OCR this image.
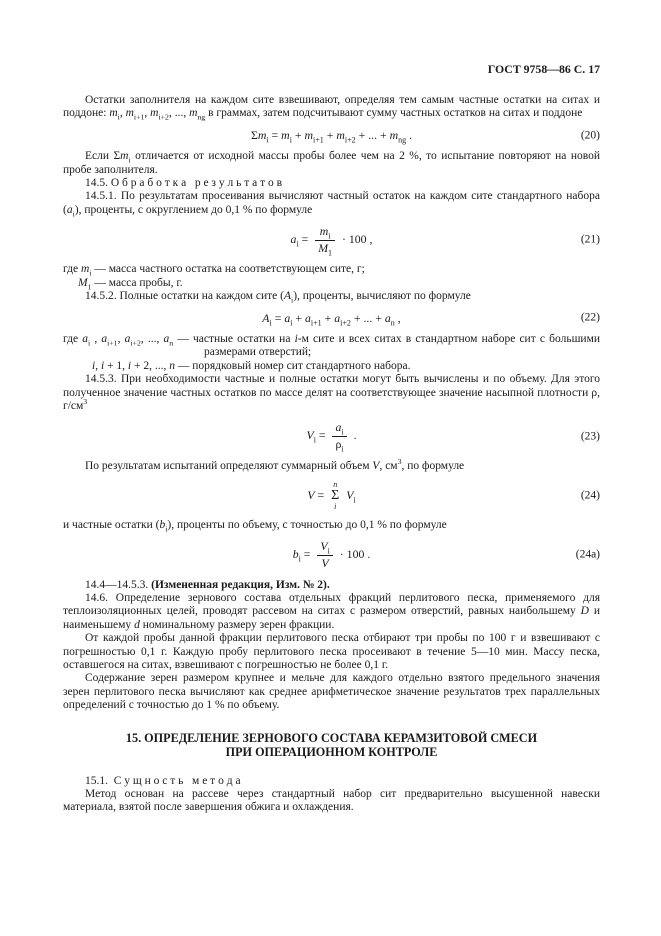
ГОСТ 9758—86 С. 17
Остатки заполнителя на каждом сите взвешивают, определяя тем самым частные остатки на ситах и поддоне: $m_i$, $m_{i+1}$, $m_{i+2}$, ..., $m_{ng}$ в граммах, затем подсчитывают сумму частных остатков на ситах и поддоне
$\Sigma m_i = m_i + m_{i+1} + m_{i+2}$ + ... + $m_{ng}$ .	(20)
Если $\Sigma m_i$ отличается от исходной массы пробы более чем на 2 %, то испытание повторяют на новой пробе заполнителя.
14.5. О б р а б о т к а   р е з у л ь т а т о в
14.5.1. По результатам просеивания вычисляют частный остаток на каждом сите стандартного набора $(a_i)$, проценты, с округлением до 0,1 % по формуле
$a_i = \frac{m_i}{M_1} \cdot 100$ ,	(21)
где $m_i$ — масса частного остатка на соответствующем сите, г;
$M_1$ — масса пробы, г.
14.5.2. Полные остатки на каждом сите $(A_i)$, проценты, вычисляют по формуле
$A_i = a_i + a_{i+1} + a_{i+2}$ + ... + $a_n$ ,	(22)
где $a_i$ , $a_{i+1}$, $a_{i+2}$, ..., $a_n$ — частные остатки на i-м сите и всех ситах в стандартном наборе сит с большими размерами отверстий;
i, i + 1, i + 2, ..., n — порядковый номер сит стандартного набора.
14.5.3. При необходимости частные и полные остатки могут быть вычислены и по объему. Для этого полученное значение частных остатков по массе делят на соответствующее значение насыпной плотности ρ, $г/см^3$
$V_i = \frac{a_i}{\rho_i}$ .	(23)
По результатам испытаний определяют суммарный объем V, $см^3$, по формуле
V =
n
Σ
i
$V_i$	(24)
и частные остатки $(b_i)$, проценты по объему, с точностью до 0,1 % по формуле
$b_i = \frac{V_i}{V} \cdot 100$ .	(24а)
14.4—14.5.3. (Измененная редакция, Изм. № 2).
14.6. Определение зернового состава отдельных фракций перлитового песка, применяемого для теплоизоляционных целей, проводят рассевом на ситах с размером отверстий, равных наибольшему D и наименьшему d номинальному размеру зерен фракции.
От каждой пробы данной фракции перлитового песка отбирают три пробы по 100 г и взвешивают с погрешностью 0,1 г. Каждую пробу перлитового песка просеивают в течение 5—10 мин. Массу песка, оставшегося на ситах, взвешивают с погрешностью не более 0,1 г.
Содержание зерен размером крупнее и мельче для каждого отдельно взятого предельного значения зерен перлитового песка вычисляют как среднее арифметическое значение результатов трех параллельных определений с точностью до 1 % по объему.
15. ОПРЕДЕЛЕНИЕ ЗЕРНОВОГО СОСТАВА КЕРАМЗИТОВОЙ СМЕСИ
ПРИ ОПЕРАЦИОННОМ КОНТРОЛЕ
15.1.  С у щ н о с т ь   м е т о д а
Метод основан на рассеве через стандартный набор сит предварительно высушенной навески материала, взятой после завершения обжига и охлаждения.
